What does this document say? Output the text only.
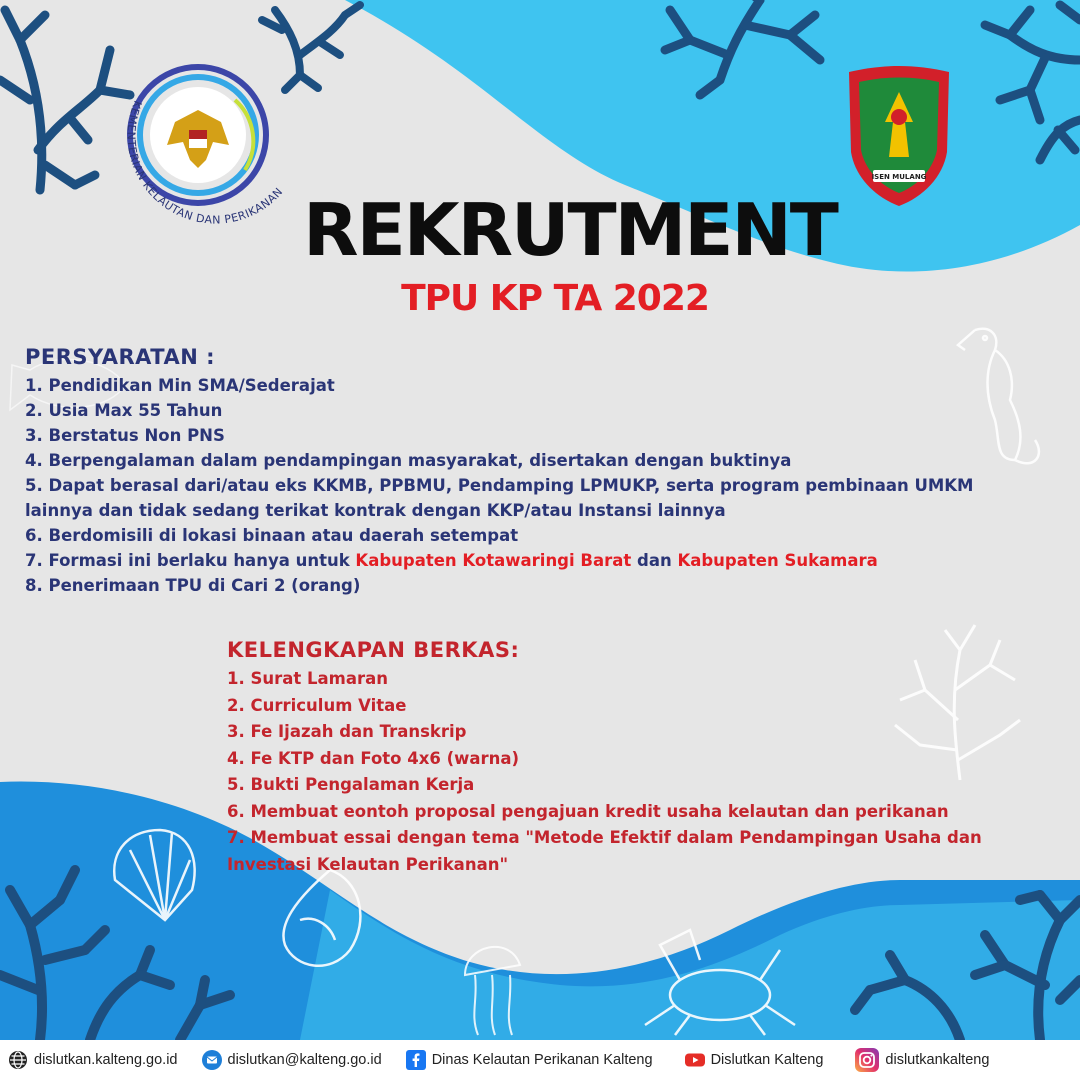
KEMENTERIAN KELAUTAN DAN PERIKANAN
ISEN MULANG
REKRUTMENT
TPU KP TA 2022
PERSYARATAN :
1. Pendidikan Min SMA/Sederajat
2. Usia Max 55 Tahun
3. Berstatus Non PNS
4. Berpengalaman dalam pendampingan masyarakat, disertakan dengan buktinya
5. Dapat berasal dari/atau eks KKMB, PPBMU, Pendamping LPMUKP, serta program pembinaan UMKM
lainnya dan tidak sedang terikat kontrak dengan KKP/atau Instansi lainnya
6. Berdomisili di lokasi binaan atau daerah setempat
7. Formasi ini berlaku hanya untuk Kabupaten Kotawaringi Barat dan Kabupaten Sukamara
8. Penerimaan TPU di Cari 2 (orang)
KELENGKAPAN BERKAS:
1. Surat Lamaran
2. Curriculum Vitae
3. Fe Ijazah dan Transkrip
4. Fe KTP dan Foto 4x6 (warna)
5. Bukti Pengalaman Kerja
6. Membuat eontoh proposal pengajuan kredit usaha kelautan dan perikanan
7. Membuat essai dengan tema "Metode Efektif dalam Pendampingan Usaha dan
Investasi Kelautan Perikanan"
dislutkan.kalteng.go.id	dislutkan@kalteng.go.id	Dinas Kelautan Perikanan Kalteng	Dislutkan Kalteng	dislutkankalteng
